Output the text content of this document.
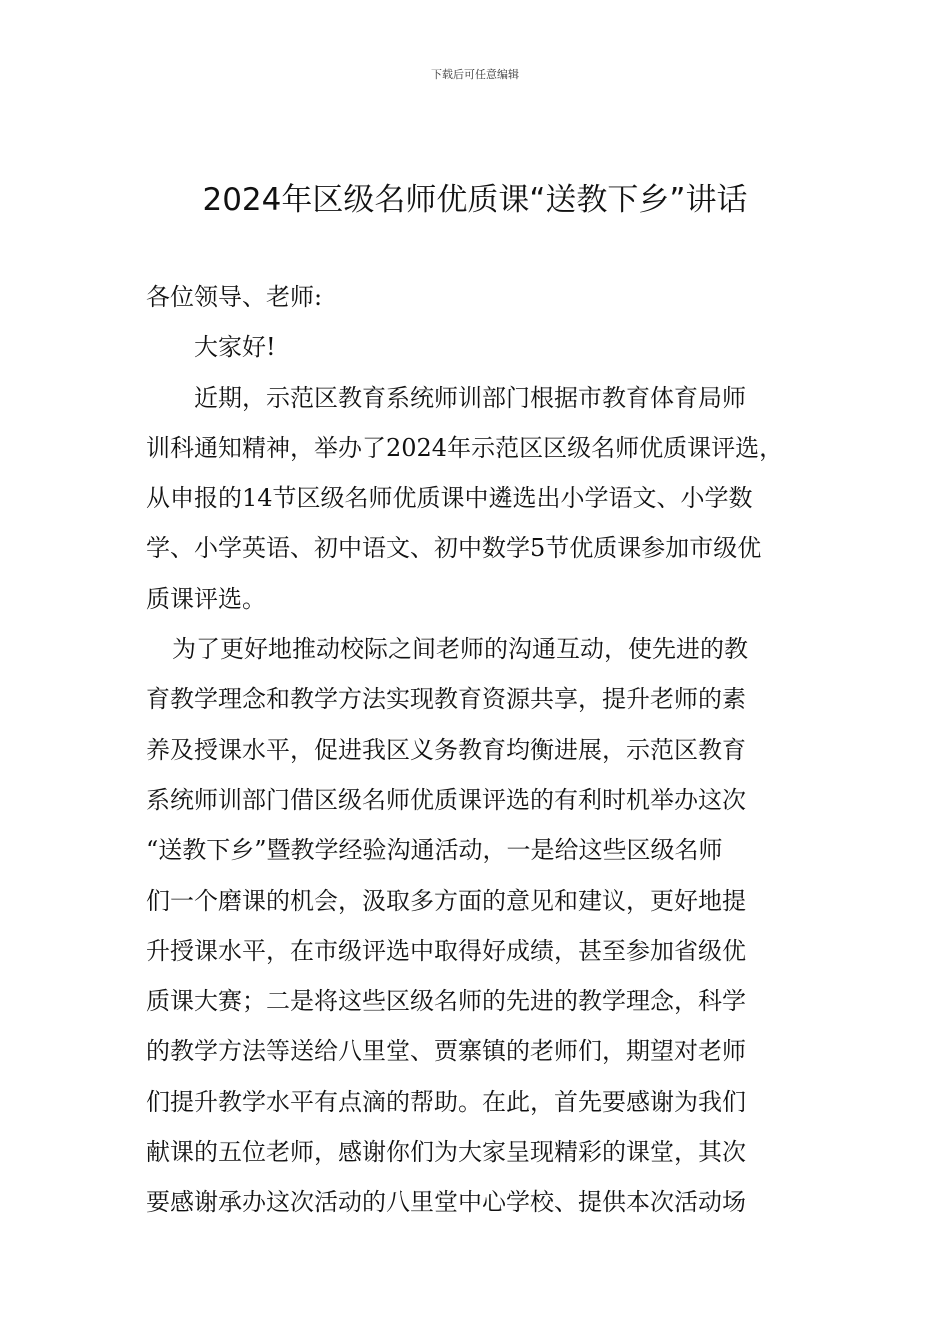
下载后可任意编辑
2024年区级名师优质课“送教下乡”讲话
各位领导、老师:
大家好!
近期，示范区教育系统师训部门根据市教育体育局师
训科通知精神，举办了2024年示范区区级名师优质课评选，
从申报的14节区级名师优质课中遴选出小学语文、小学数
学、小学英语、初中语文、初中数学5节优质课参加市级优
质课评选。
为了更好地推动校际之间老师的沟通互动，使先进的教
育教学理念和教学方法实现教育资源共享，提升老师的素
养及授课水平，促进我区义务教育均衡进展，示范区教育
系统师训部门借区级名师优质课评选的有利时机举办这次
“送教下乡”暨教学经验沟通活动，一是给这些区级名师
们一个磨课的机会，汲取多方面的意见和建议，更好地提
升授课水平，在市级评选中取得好成绩，甚至参加省级优
质课大赛；二是将这些区级名师的先进的教学理念，科学
的教学方法等送给八里堂、贾寨镇的老师们，期望对老师
们提升教学水平有点滴的帮助。在此，首先要感谢为我们
献课的五位老师，感谢你们为大家呈现精彩的课堂，其次
要感谢承办这次活动的八里堂中心学校、提供本次活动场
